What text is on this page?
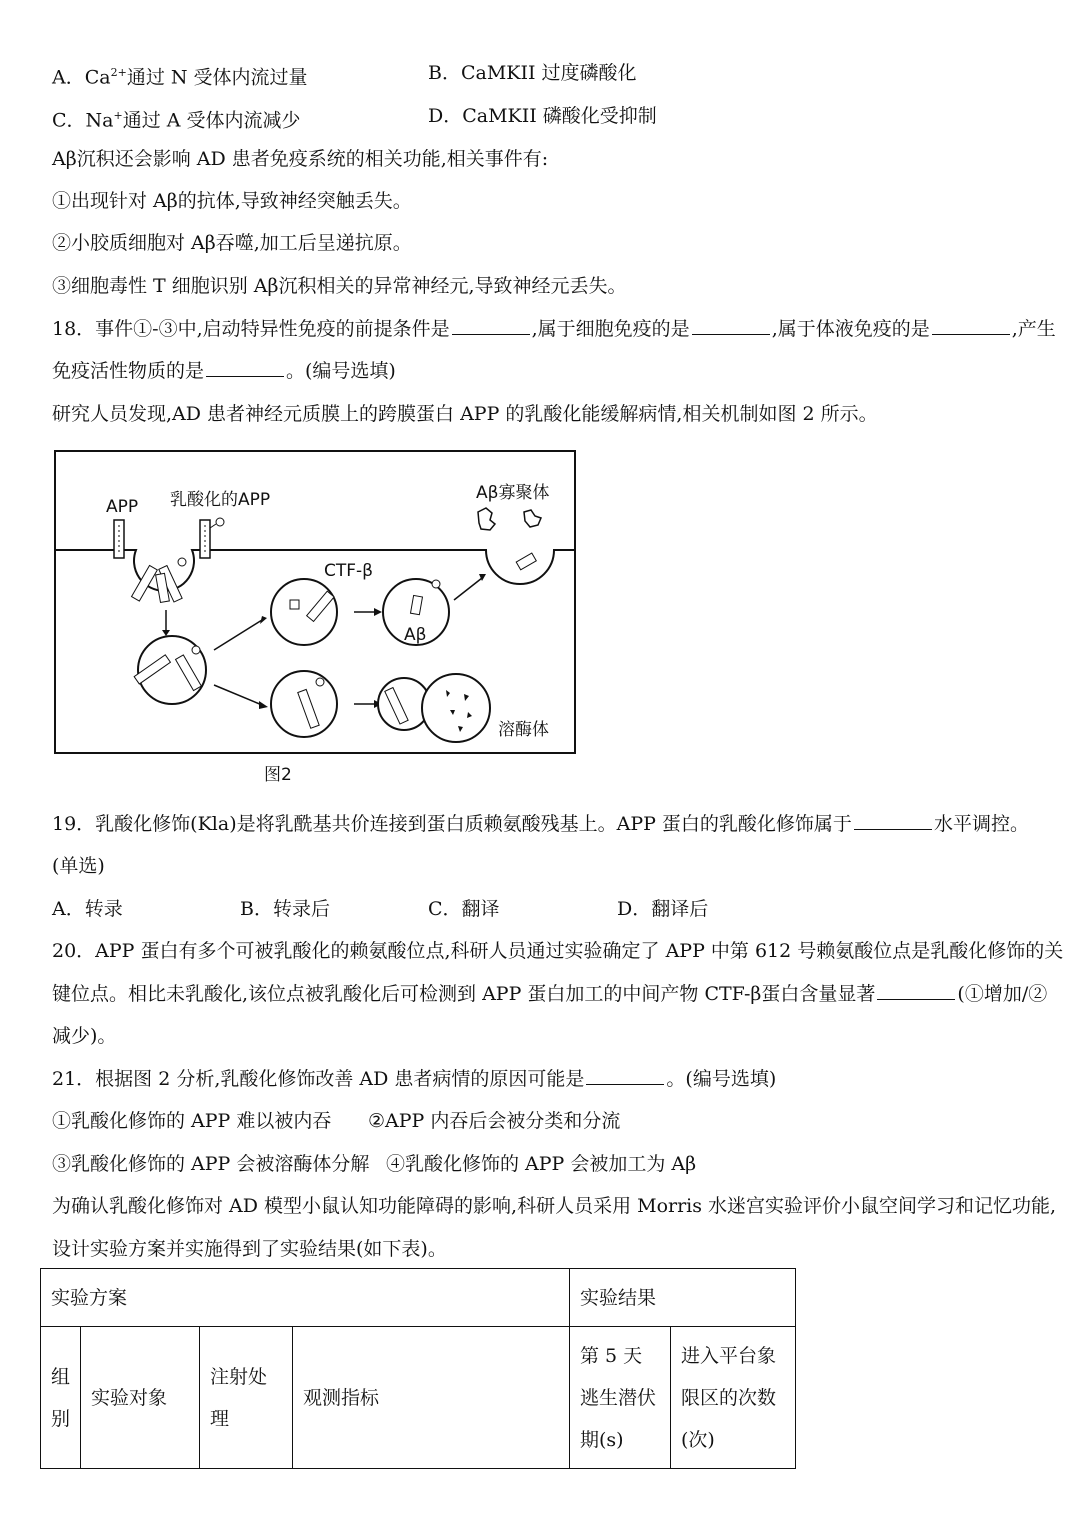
A．$Ca^{2+}$通过 N 受体内流过量	B．CaMKII 过度磷酸化
C．Na+通过 A 受体内流减少	D．CaMKII 磷酸化受抑制
Aβ沉积还会影响 AD 患者免疫系统的相关功能,相关事件有:
①出现针对 Aβ的抗体,导致神经突触丢失。
②小胶质细胞对 Aβ吞噬,加工后呈递抗原。
③细胞毒性 T 细胞识别 Aβ沉积相关的异常神经元,导致神经元丢失。
18．事件①-③中,启动特异性免疫的前提条件是	,属于细胞免疫的是	,属于体液免疫的是	,产生
免疫活性物质的是	。(编号选填)
研究人员发现,AD 患者神经元质膜上的跨膜蛋白 APP 的乳酸化能缓解病情,相关机制如图 2 所示。
APP 乳酸化的APP	Aβ寡聚体
CTF-β
Aβ
溶酶体
图2
19．乳酸化修饰(Kla)是将乳酰基共价连接到蛋白质赖氨酸残基上。APP 蛋白的乳酸化修饰属于	水平调控。
(单选)
A．转录	B．转录后	C．翻译	D．翻译后
20．APP 蛋白有多个可被乳酸化的赖氨酸位点,科研人员通过实验确定了 APP 中第 612 号赖氨酸位点是乳酸化修饰的关
键位点。相比未乳酸化,该位点被乳酸化后可检测到 APP 蛋白加工的中间产物 CTF-β蛋白含量显著	(①增加/②
减少)。
21．根据图 2 分析,乳酸化修饰改善 AD 患者病情的原因可能是	。(编号选填)
①乳酸化修饰的 APP 难以被内吞 ②APP 内吞后会被分类和分流
③乳酸化修饰的 APP 会被溶酶体分解 ④乳酸化修饰的 APP 会被加工为 Aβ
为确认乳酸化修饰对 AD 模型小鼠认知功能障碍的影响,科研人员采用 Morris 水迷宫实验评价小鼠空间学习和记忆功能,
设计实验方案并实施得到了实验结果(如下表)。
实验方案				实验结果	
组别	实验对象	注射处理	观测指标	第 5 天逃生潜伏期(s)	进入平台象限区的次数(次)
